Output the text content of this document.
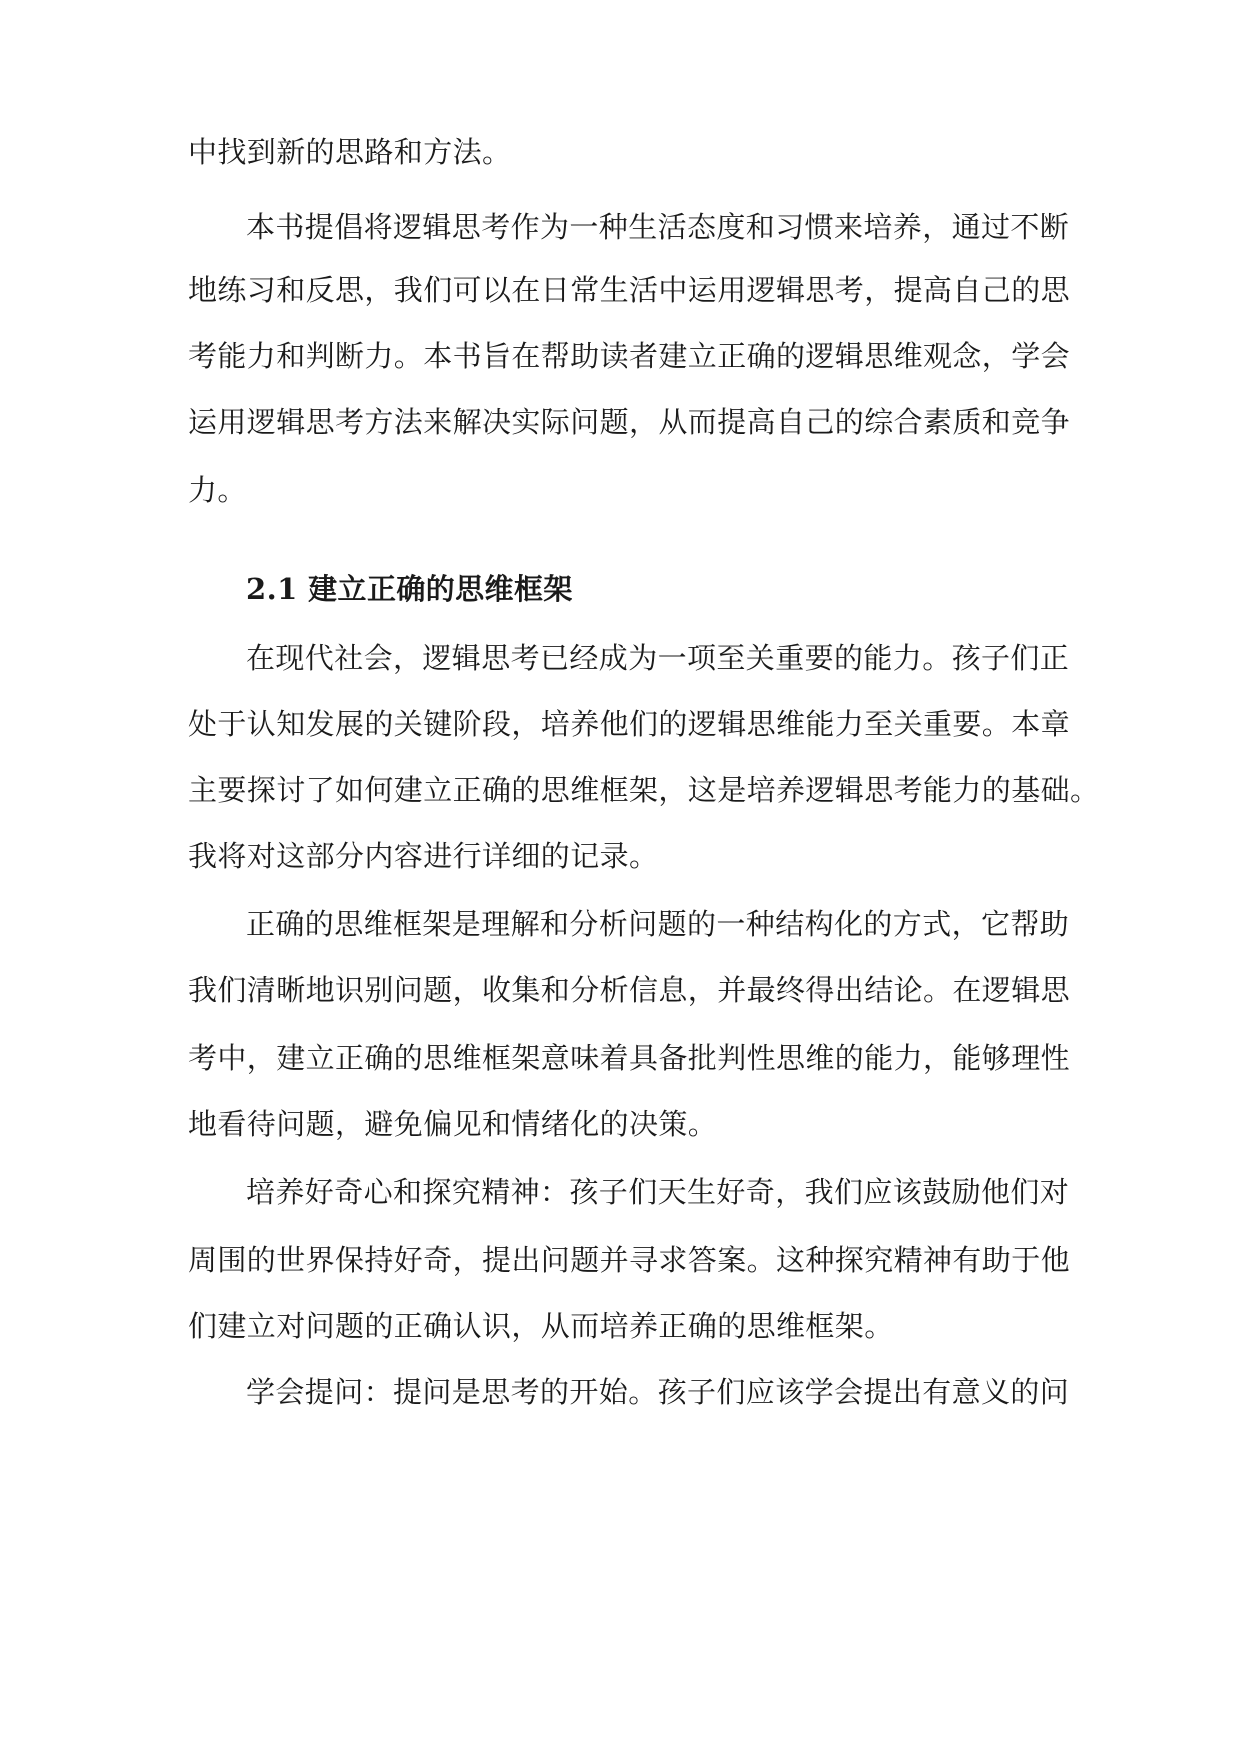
中找到新的思路和方法。
本书提倡将逻辑思考作为一种生活态度和习惯来培养，通过不断
地练习和反思，我们可以在日常生活中运用逻辑思考，提高自己的思
考能力和判断力。本书旨在帮助读者建立正确的逻辑思维观念，学会
运用逻辑思考方法来解决实际问题，从而提高自己的综合素质和竞争
力。
2.1 建立正确的思维框架
在现代社会，逻辑思考已经成为一项至关重要的能力。孩子们正
处于认知发展的关键阶段，培养他们的逻辑思维能力至关重要。本章
主要探讨了如何建立正确的思维框架，这是培养逻辑思考能力的基础。
我将对这部分内容进行详细的记录。
正确的思维框架是理解和分析问题的一种结构化的方式，它帮助
我们清晰地识别问题，收集和分析信息，并最终得出结论。在逻辑思
考中，建立正确的思维框架意味着具备批判性思维的能力，能够理性
地看待问题，避免偏见和情绪化的决策。
培养好奇心和探究精神：孩子们天生好奇，我们应该鼓励他们对
周围的世界保持好奇，提出问题并寻求答案。这种探究精神有助于他
们建立对问题的正确认识，从而培养正确的思维框架。
学会提问：提问是思考的开始。孩子们应该学会提出有意义的问
